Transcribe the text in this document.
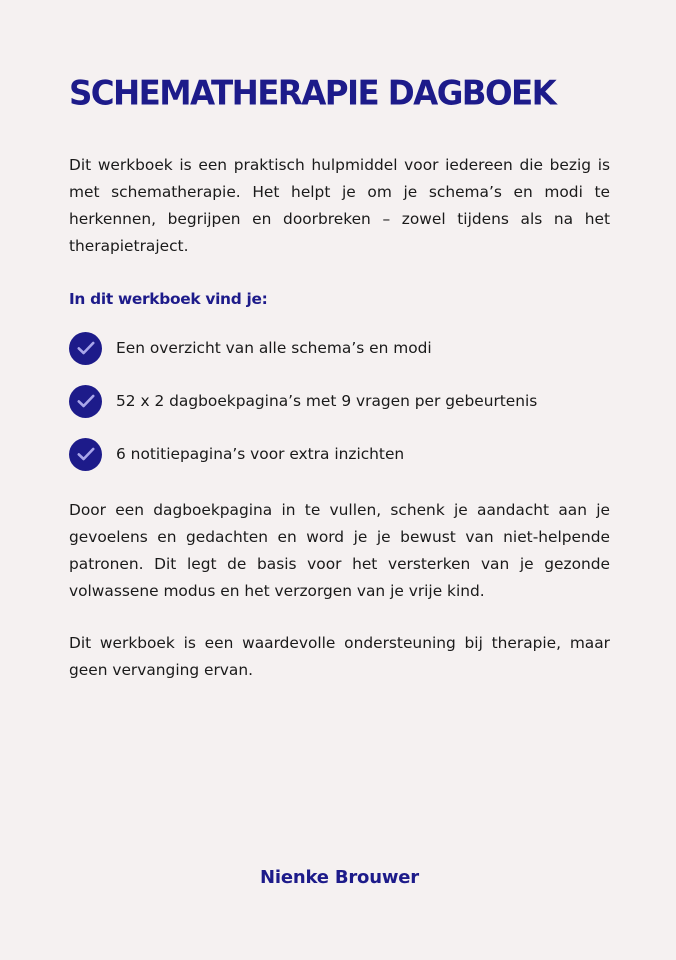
SCHEMATHERAPIE DAGBOEK

Dit werkboek is een praktisch hulpmiddel voor iedereen die bezig is met schematherapie. Het helpt je om je schema’s en modi te herkennen, begrijpen en doorbreken – zowel tijdens als na het therapietraject.

In dit werkboek vind je:
Een overzicht van alle schema’s en modi
52 x 2 dagboekpagina’s met 9 vragen per gebeurtenis
6 notitiepagina’s voor extra inzichten

Door een dagboekpagina in te vullen, schenk je aandacht aan je gevoelens en gedachten en word je je bewust van niet-helpende patronen. Dit legt de basis voor het versterken van je gezonde volwassene modus en het verzorgen van je vrije kind.

Dit werkboek is een waardevolle ondersteuning bij therapie, maar geen vervanging ervan.

Nienke Brouwer
